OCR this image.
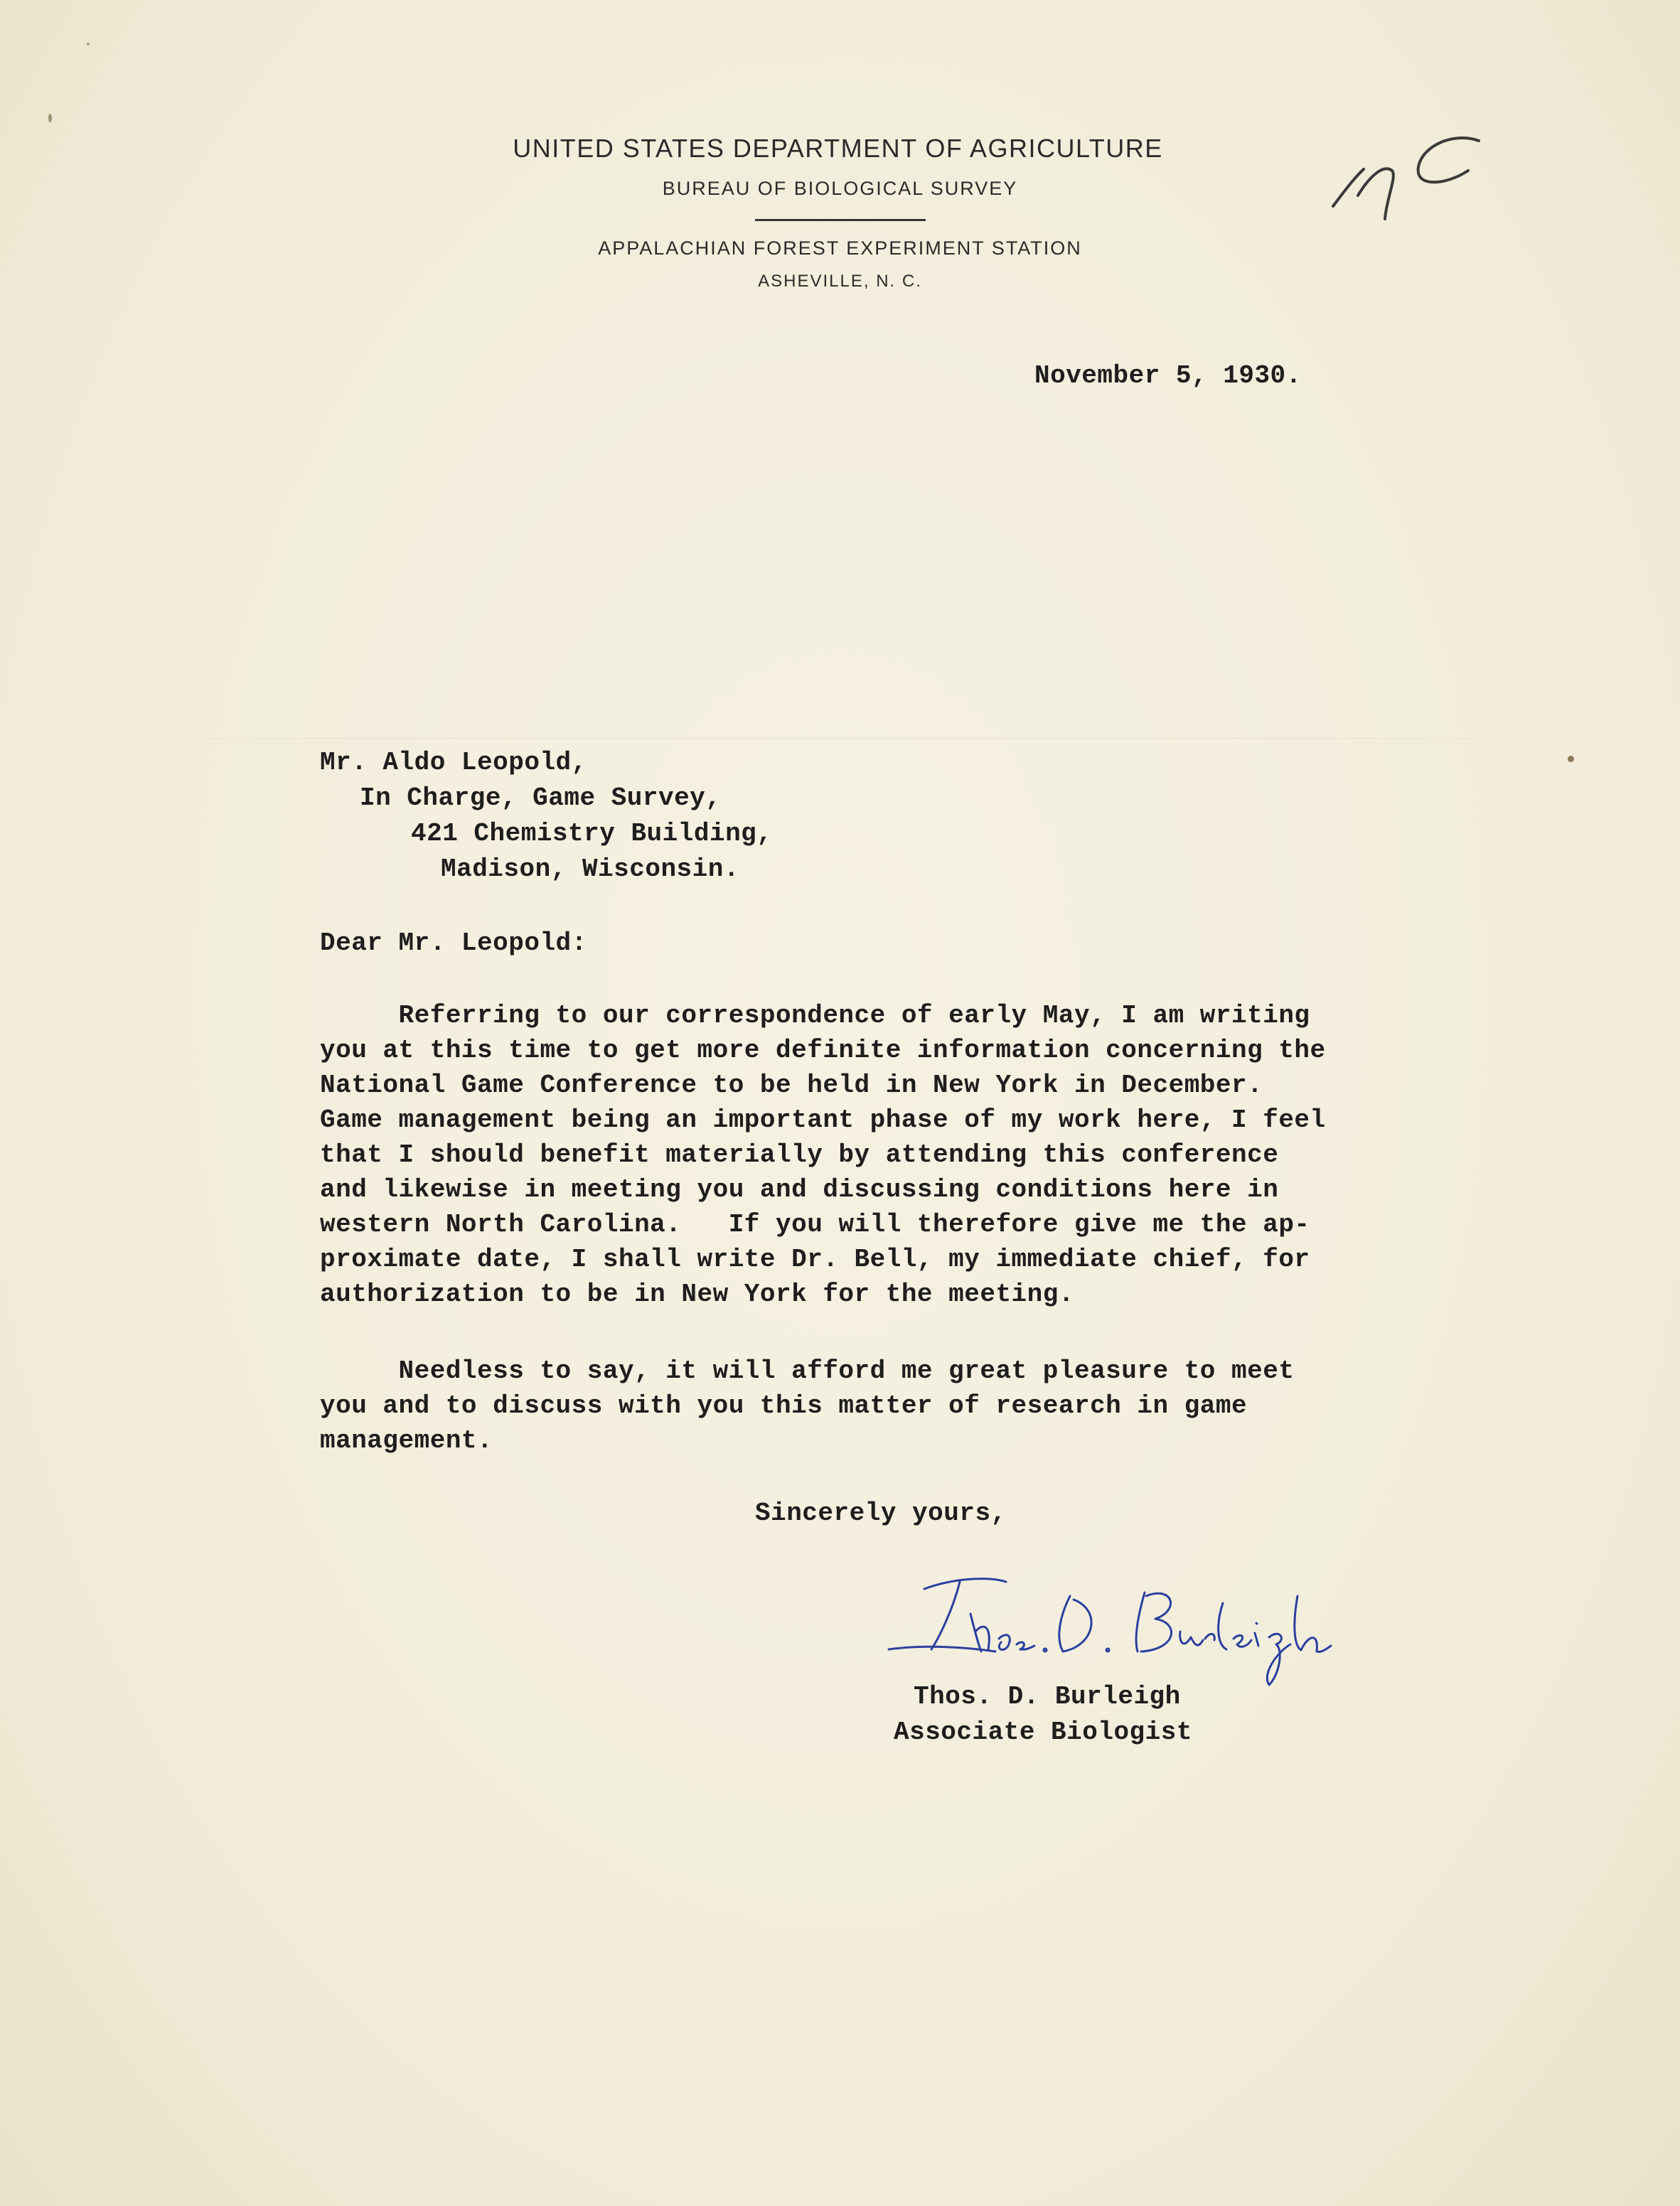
UNITED STATES DEPARTMENT OF AGRICULTURE
BUREAU OF BIOLOGICAL SURVEY
APPALACHIAN FOREST EXPERIMENT STATION
ASHEVILLE, N. C.
November 5, 1930.
Mr. Aldo Leopold,
In Charge, Game Survey,
421 Chemistry Building,
Madison, Wisconsin.
Dear Mr. Leopold:
Referring to our correspondence of early May, I am writing
you at this time to get more definite information concerning the
National Game Conference to be held in New York in December.
Game management being an important phase of my work here, I feel
that I should benefit materially by attending this conference
and likewise in meeting you and discussing conditions here in
western North Carolina.   If you will therefore give me the ap-
proximate date, I shall write Dr. Bell, my immediate chief, for
authorization to be in New York for the meeting.
Needless to say, it will afford me great pleasure to meet
you and to discuss with you this matter of research in game
management.
Sincerely yours,
Thos. D. Burleigh
Associate Biologist
